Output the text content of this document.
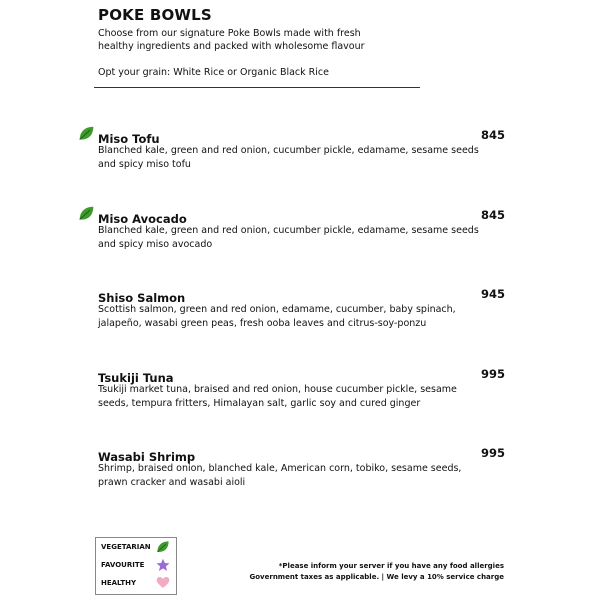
POKE BOWLS
Choose from our signature Poke Bowls made with fresh
healthy ingredients and packed with wholesome flavour
Opt your grain: White Rice or Organic Black Rice
Miso Tofu	845
Blanched kale, green and red onion, cucumber pickle, edamame, sesame seeds
and spicy miso tofu
Miso Avocado	845
Blanched kale, green and red onion, cucumber pickle, edamame, sesame seeds
and spicy miso avocado
Shiso Salmon	945
Scottish salmon, green and red onion, edamame, cucumber, baby spinach,
jalapeño, wasabi green peas, fresh ooba leaves and citrus-soy-ponzu
Tsukiji Tuna	995
Tsukiji market tuna, braised and red onion, house cucumber pickle, sesame
seeds, tempura fritters, Himalayan salt, garlic soy and cured ginger
Wasabi Shrimp	995
Shrimp, braised onion, blanched kale, American corn, tobiko, sesame seeds,
prawn cracker and wasabi aioli
VEGETARIAN
FAVOURITE
HEALTHY
*Please inform your server if you have any food allergies
Government taxes as applicable. | We levy a 10% service charge
